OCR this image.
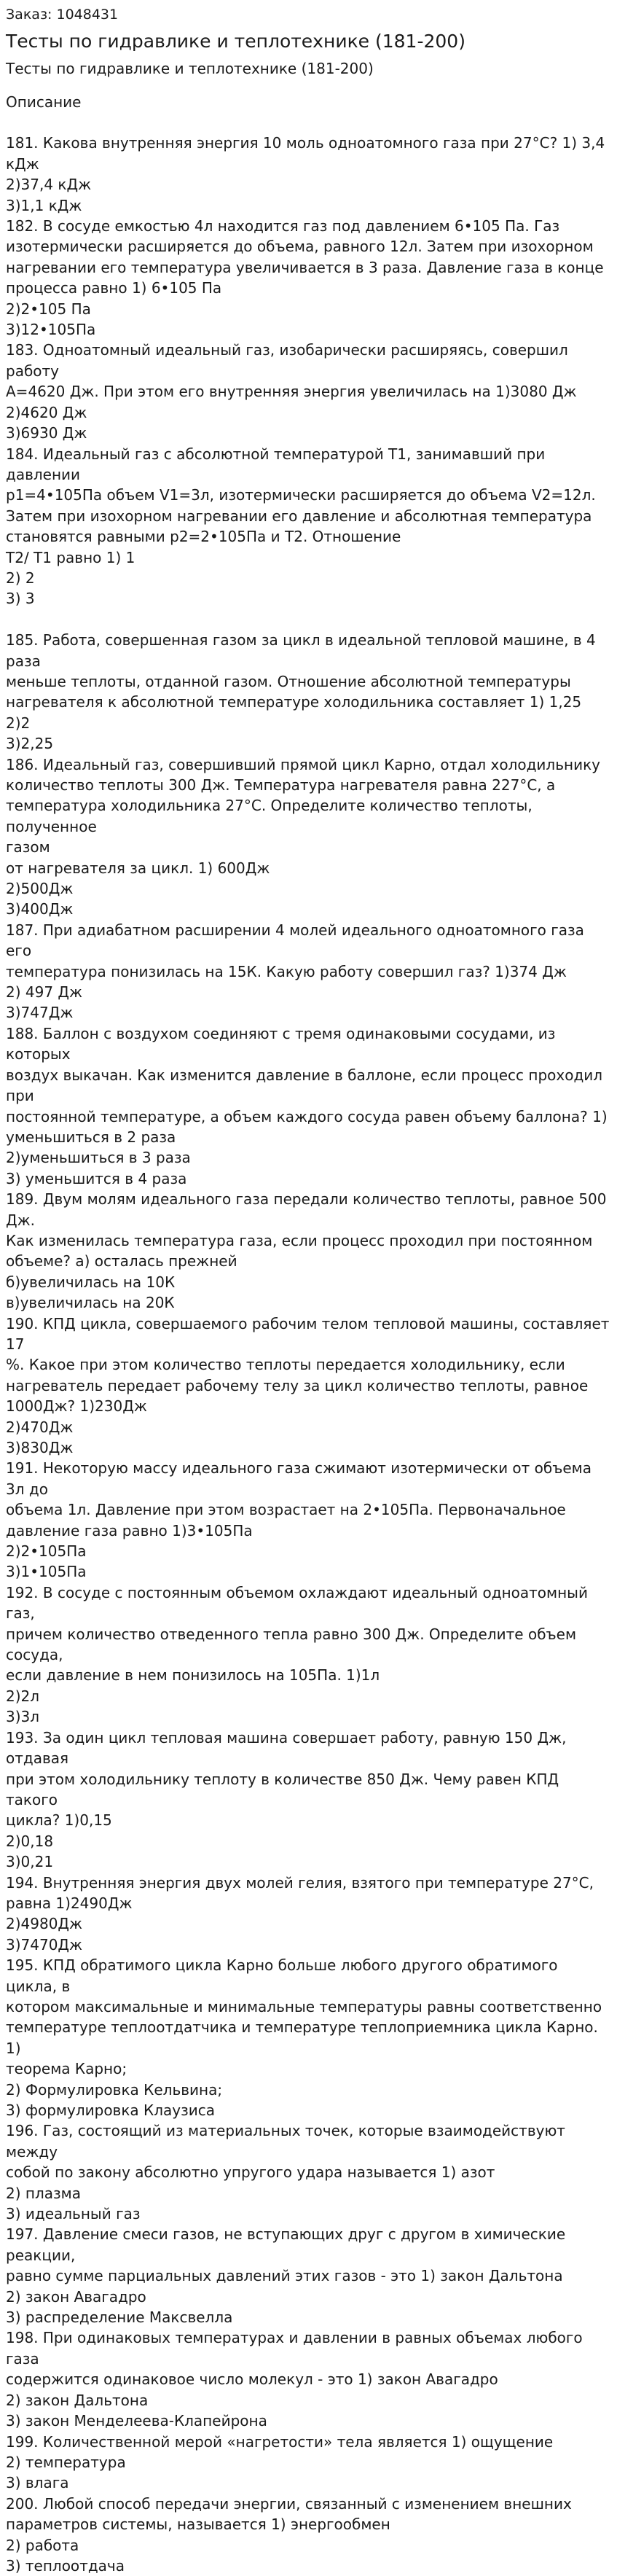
Заказ: 1048431
Тесты по гидравлике и теплотехнике (181-200)
Тесты по гидравлике и теплотехнике (181-200)
Описание

181. Какова внутренняя энергия 10 моль одноатомного газа при 27°С? 1) 3,4 кДж
2)37,4 кДж
3)1,1 кДж
182. В сосуде емкостью 4л находится газ под давлением 6•105 Па. Газ
изотермически расширяется до объема, равного 12л. Затем при изохорном
нагревании его температура увеличивается в 3 раза. Давление газа в конце
процесса равно 1) 6•105 Па
2)2•105 Па
3)12•105Па
183. Одноатомный идеальный газ, изобарически расширяясь, совершил работу
А=4620 Дж. При этом его внутренняя энергия увеличилась на 1)3080 Дж
2)4620 Дж
3)6930 Дж
184. Идеальный газ с абсолютной температурой Т1, занимавший при давлении
р1=4•105Па объем V1=3л, изотермически расширяется до объема V2=12л.
Затем при изохорном нагревании его давление и абсолютная температура
становятся равными р2=2•105Па и Т2. Отношение
Т2/ Т1 равно 1) 1
2) 2
3) 3

185. Работа, совершенная газом за цикл в идеальной тепловой машине, в 4 раза
меньше теплоты, отданной газом. Отношение абсолютной температуры
нагревателя к абсолютной температуре холодильника составляет 1) 1,25
2)2
3)2,25
186. Идеальный газ, совершивший прямой цикл Карно, отдал холодильнику
количество теплоты 300 Дж. Температура нагревателя равна 227°С, а
температура холодильника 27°С. Определите количество теплоты, полученное
газом
от нагревателя за цикл. 1) 600Дж
2)500Дж
3)400Дж
187. При адиабатном расширении 4 молей идеального одноатомного газа его
температура понизилась на 15К. Какую работу совершил газ? 1)374 Дж
2) 497 Дж
3)747Дж
188. Баллон с воздухом соединяют с тремя одинаковыми сосудами, из которых
воздух выкачан. Как изменится давление в баллоне, если процесс проходил при
постоянной температуре, а объем каждого сосуда равен объему баллона? 1)
уменьшиться в 2 раза
2)уменьшиться в 3 раза
3) уменьшится в 4 раза
189. Двум молям идеального газа передали количество теплоты, равное 500 Дж.
Как изменилась температура газа, если процесс проходил при постоянном
объеме? а) осталась прежней
б)увеличилась на 10К
в)увеличилась на 20К
190. КПД цикла, совершаемого рабочим телом тепловой машины, составляет 17
%. Какое при этом количество теплоты передается холодильнику, если
нагреватель передает рабочему телу за цикл количество теплоты, равное
1000Дж? 1)230Дж
2)470Дж
3)830Дж
191. Некоторую массу идеального газа сжимают изотермически от объема 3л до
объема 1л. Давление при этом возрастает на 2•105Па. Первоначальное
давление газа равно 1)3•105Па
2)2•105Па
3)1•105Па
192. В сосуде с постоянным объемом охлаждают идеальный одноатомный газ,
причем количество отведенного тепла равно 300 Дж. Определите объем сосуда,
если давление в нем понизилось на 105Па. 1)1л
2)2л
3)3л
193. За один цикл тепловая машина совершает работу, равную 150 Дж, отдавая
при этом холодильнику теплоту в количестве 850 Дж. Чему равен КПД такого
цикла? 1)0,15
2)0,18
3)0,21
194. Внутренняя энергия двух молей гелия, взятого при температуре 27°С,
равна 1)2490Дж
2)4980Дж
3)7470Дж
195. КПД обратимого цикла Карно больше любого другого обратимого цикла, в
котором максимальные и минимальные температуры равны соответственно
температуре теплоотдатчика и температуре теплоприемника цикла Карно. 1)
теорема Карно;
2) Формулировка Кельвина;
3) формулировка Клаузиса
196. Газ, состоящий из материальных точек, которые взаимодействуют между
собой по закону абсолютно упругого удара называется 1) азот
2) плазма
3) идеальный газ
197. Давление смеси газов, не вступающих друг с другом в химические реакции,
равно сумме парциальных давлений этих газов - это 1) закон Дальтона
2) закон Авагадро
3) распределение Максвелла
198. При одинаковых температурах и давлении в равных объемах любого газа
содержится одинаковое число молекул - это 1) закон Авагадро
2) закон Дальтона
3) закон Менделеева-Клапейрона
199. Количественной мерой «нагретости» тела является 1) ощущение
2) температура
3) влага
200. Любой способ передачи энергии, связанный с изменением внешних
параметров системы, называется 1) энергообмен
2) работа
3) теплоотдача
